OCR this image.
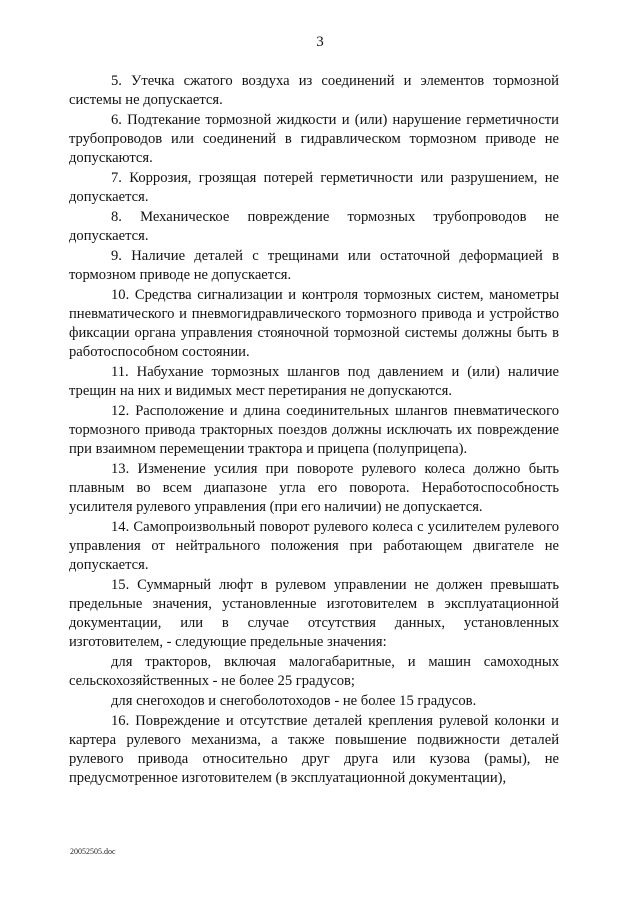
3

5. Утечка сжатого воздуха из соединений и элементов тормозной системы не допускается.

6. Подтекание тормозной жидкости и (или) нарушение герметичности трубопроводов или соединений в гидравлическом тормозном приводе не допускаются.

7. Коррозия, грозящая потерей герметичности или разрушением, не допускается.

8. Механическое повреждение тормозных трубопроводов не допускается.

9. Наличие деталей с трещинами или остаточной деформацией в тормозном приводе не допускается.

10. Средства сигнализации и контроля тормозных систем, манометры пневматического и пневмогидравлического тормозного привода и устройство фиксации органа управления стояночной тормозной системы должны быть в работоспособном состоянии.

11. Набухание тормозных шлангов под давлением и (или) наличие трещин на них и видимых мест перетирания не допускаются.

12. Расположение и длина соединительных шлангов пневматического тормозного привода тракторных поездов должны исключать их повреждение при взаимном перемещении трактора и прицепа (полуприцепа).

13. Изменение усилия при повороте рулевого колеса должно быть плавным во всем диапазоне угла его поворота. Неработоспособность усилителя рулевого управления (при его наличии) не допускается.

14. Самопроизвольный поворот рулевого колеса с усилителем рулевого управления от нейтрального положения при работающем двигателе не допускается.

15. Суммарный люфт в рулевом управлении не должен превышать предельные значения, установленные изготовителем в эксплуатационной документации, или в случае отсутствия данных, установленных изготовителем, - следующие предельные значения:

для тракторов, включая малогабаритные, и машин самоходных сельскохозяйственных - не более 25 градусов;

для снегоходов и снегоболотоходов - не более 15 градусов.

16. Повреждение и отсутствие деталей крепления рулевой колонки и картера рулевого механизма, а также повышение подвижности деталей рулевого привода относительно друг друга или кузова (рамы), не предусмотренное изготовителем (в эксплуатационной документации),

20052505.doc
